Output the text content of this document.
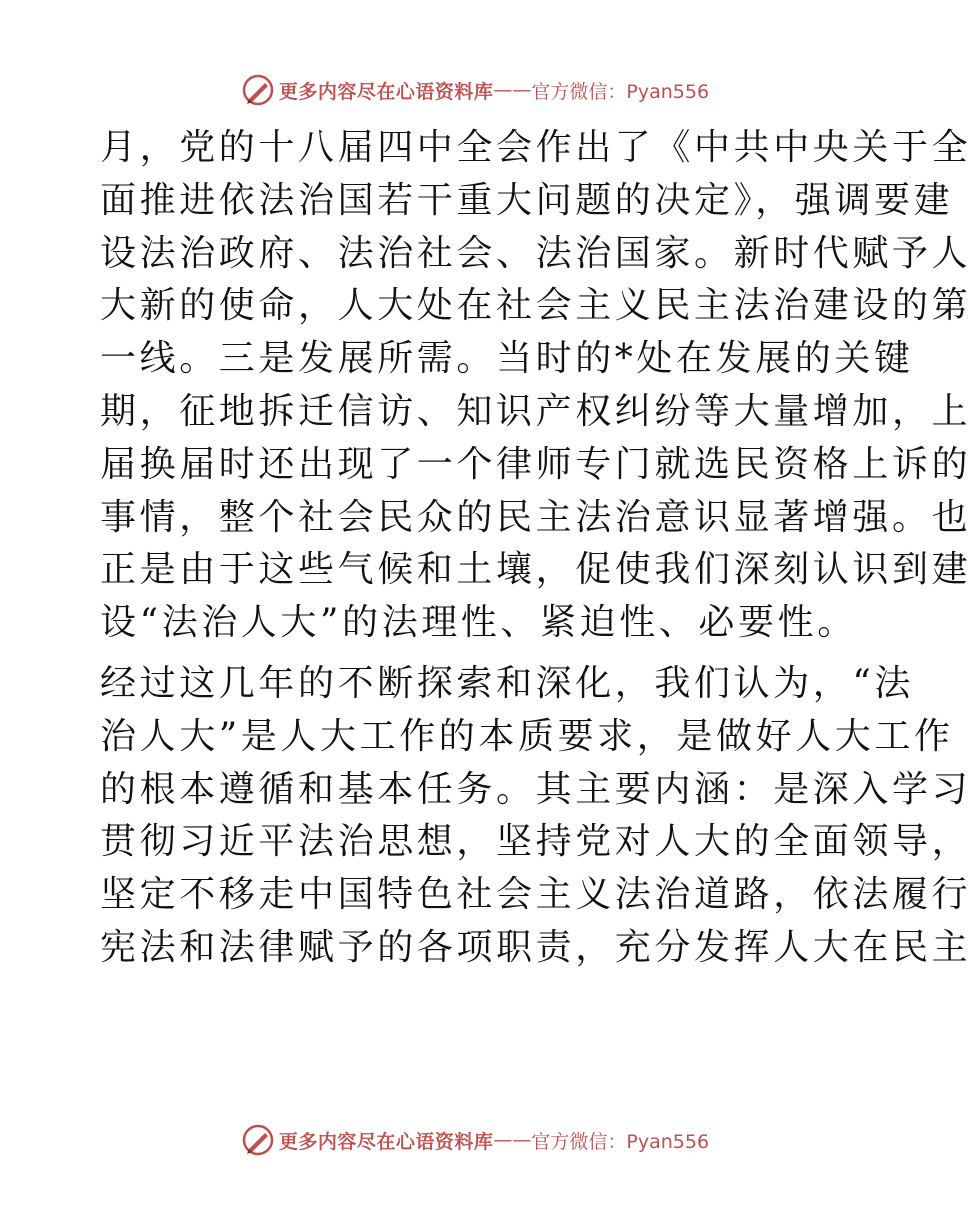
更多内容尽在心语资料库 —— 官方微信：Pyan556
月，党的十八届四中全会作出了《中共中央关于全
面推进依法治国若干重大问题的决定》，强调要建
设法治政府、法治社会、法治国家。新时代赋予人
大新的使命，人大处在社会主义民主法治建设的第
一线。三是发展所需。当时的*处在发展的关键
期，征地拆迁信访、知识产权纠纷等大量增加，上
届换届时还出现了一个律师专门就选民资格上诉的
事情，整个社会民众的民主法治意识显著增强。也
正是由于这些气候和土壤，促使我们深刻认识到建
设“法治人大”的法理性、紧迫性、必要性。
经过这几年的不断探索和深化，我们认为，“法
治人大”是人大工作的本质要求，是做好人大工作
的根本遵循和基本任务。其主要内涵：是深入学习
贯彻习近平法治思想，坚持党对人大的全面领导，
坚定不移走中国特色社会主义法治道路，依法履行
宪法和法律赋予的各项职责，充分发挥人大在民主
更多内容尽在心语资料库 —— 官方微信：Pyan556
